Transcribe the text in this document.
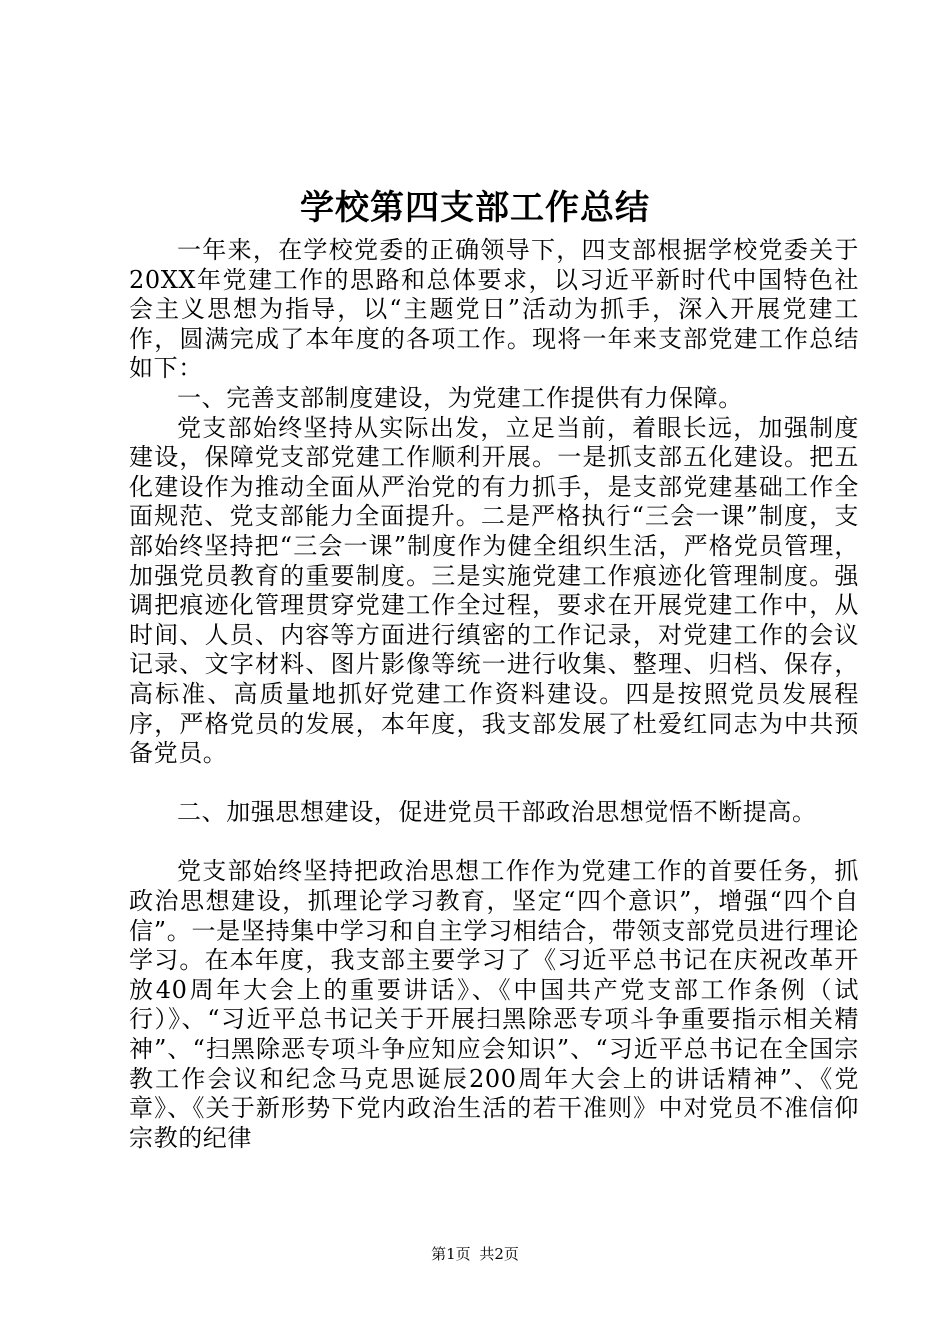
学校第四支部工作总结

一年来，在学校党委的正确领导下，四支部根据学校党委关于20XX年党建工作的思路和总体要求，以习近平新时代中国特色社会主义思想为指导，以“主题党日”活动为抓手，深入开展党建工作，圆满完成了本年度的各项工作。现将一年来支部党建工作总结如下：

一、完善支部制度建设，为党建工作提供有力保障。

党支部始终坚持从实际出发，立足当前，着眼长远，加强制度建设，保障党支部党建工作顺利开展。一是抓支部五化建设。把五化建设作为推动全面从严治党的有力抓手，是支部党建基础工作全面规范、党支部能力全面提升。二是严格执行“三会一课”制度，支部始终坚持把“三会一课”制度作为健全组织生活，严格党员管理，加强党员教育的重要制度。三是实施党建工作痕迹化管理制度。强调把痕迹化管理贯穿党建工作全过程，要求在开展党建工作中，从时间、人员、内容等方面进行缜密的工作记录，对党建工作的会议记录、文字材料、图片影像等统一进行收集、整理、归档、保存，高标准、高质量地抓好党建工作资料建设。四是按照党员发展程序，严格党员的发展，本年度，我支部发展了杜爱红同志为中共预备党员。

二、加强思想建设，促进党员干部政治思想觉悟不断提高。

党支部始终坚持把政治思想工作作为党建工作的首要任务，抓政治思想建设，抓理论学习教育，坚定“四个意识”，增强“四个自信”。一是坚持集中学习和自主学习相结合，带领支部党员进行理论学习。在本年度，我支部主要学习了《习近平总书记在庆祝改革开放40周年大会上的重要讲话》、《中国共产党支部工作条例（试行）》、“习近平总书记关于开展扫黑除恶专项斗争重要指示相关精神”、“扫黑除恶专项斗争应知应会知识”、“习近平总书记在全国宗教工作会议和纪念马克思诞辰200周年大会上的讲话精神”、《党章》、《关于新形势下党内政治生活的若干准则》中对党员不准信仰宗教的纪律

第1页 共2页
